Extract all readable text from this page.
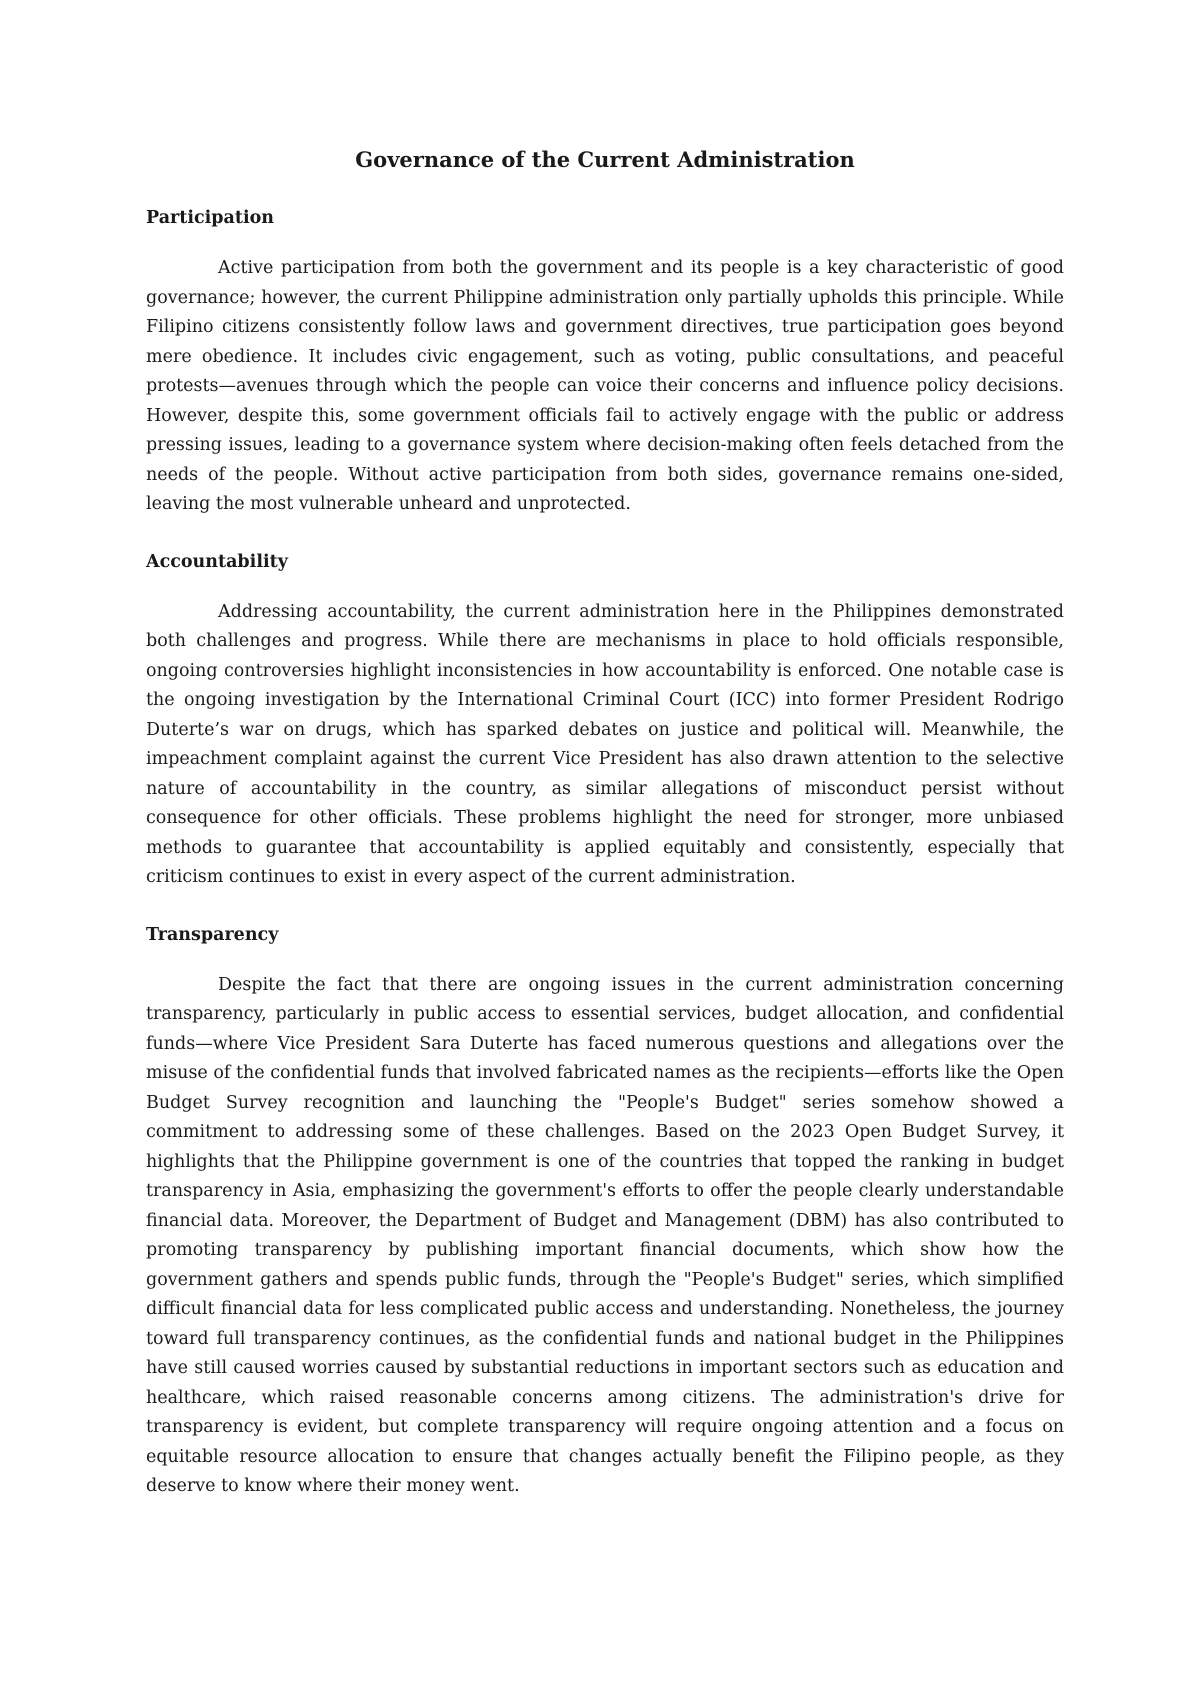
Governance of the Current Administration
Participation

Active participation from both the government and its people is a key characteristic of good governance; however, the current Philippine administration only partially upholds this principle. While Filipino citizens consistently follow laws and government directives, true participation goes beyond mere obedience. It includes civic engagement, such as voting, public consultations, and peaceful protests—avenues through which the people can voice their concerns and influence policy decisions. However, despite this, some government officials fail to actively engage with the public or address pressing issues, leading to a governance system where decision-making often feels detached from the needs of the people. Without active participation from both sides, governance remains one-sided, leaving the most vulnerable unheard and unprotected.

Accountability

Addressing accountability, the current administration here in the Philippines demonstrated both challenges and progress. While there are mechanisms in place to hold officials responsible, ongoing controversies highlight inconsistencies in how accountability is enforced. One notable case is the ongoing investigation by the International Criminal Court (ICC) into former President Rodrigo Duterte’s war on drugs, which has sparked debates on justice and political will. Meanwhile, the impeachment complaint against the current Vice President has also drawn attention to the selective nature of accountability in the country, as similar allegations of misconduct persist without consequence for other officials. These problems highlight the need for stronger, more unbiased methods to guarantee that accountability is applied equitably and consistently, especially that criticism continues to exist in every aspect of the current administration.

Transparency

Despite the fact that there are ongoing issues in the current administration concerning transparency, particularly in public access to essential services, budget allocation, and confidential funds—where Vice President Sara Duterte has faced numerous questions and allegations over the misuse of the confidential funds that involved fabricated names as the recipients—efforts like the Open Budget Survey recognition and launching the "People's Budget" series somehow showed a commitment to addressing some of these challenges. Based on the 2023 Open Budget Survey, it highlights that the Philippine government is one of the countries that topped the ranking in budget transparency in Asia, emphasizing the government's efforts to offer the people clearly understandable financial data. Moreover, the Department of Budget and Management (DBM) has also contributed to promoting transparency by publishing important financial documents, which show how the government gathers and spends public funds, through the "People's Budget" series, which simplified difficult financial data for less complicated public access and understanding. Nonetheless, the journey toward full transparency continues, as the confidential funds and national budget in the Philippines have still caused worries caused by substantial reductions in important sectors such as education and healthcare, which raised reasonable concerns among citizens. The administration's drive for transparency is evident, but complete transparency will require ongoing attention and a focus on equitable resource allocation to ensure that changes actually benefit the Filipino people, as they deserve to know where their money went.
